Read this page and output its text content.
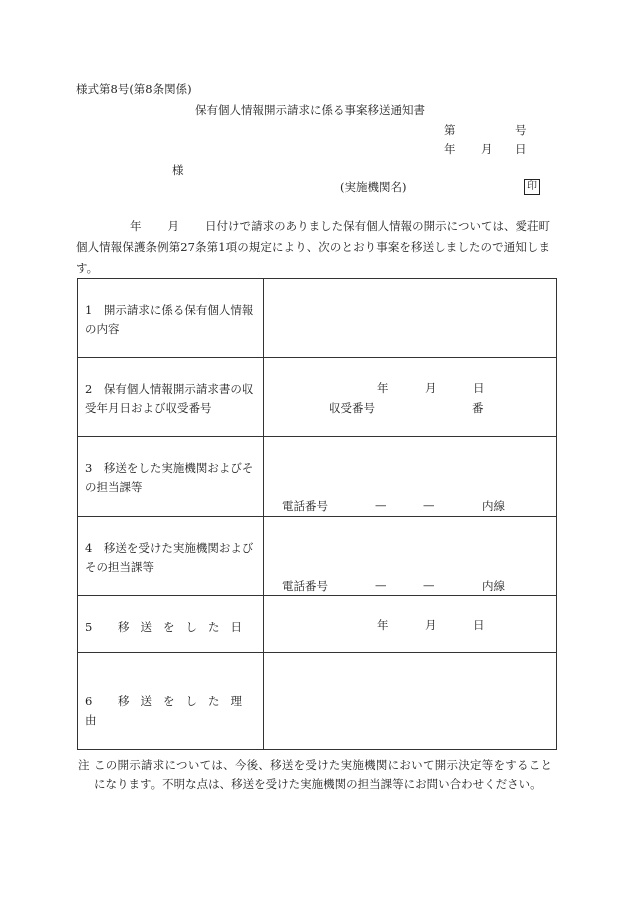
様式第8号(第8条関係)
保有個人情報開示請求に係る事案移送通知書
第	号
年 月 日
様
(実施機関名)	印
年 月 日付けで請求のありました保有個人情報の開示については、愛荘町個人情報保護条例第27条第1項の規定により、次のとおり事案を移送しましたので通知します。
1　開示請求に係る保有個人情報の内容	
2　保有個人情報開示請求書の収受年月日および収受番号	年 月 日
収受番号 番

3　移送をした実施機関およびその担当課等	電話番号 — — 内線

4　移送を受けた実施機関およびその担当課等	電話番号 — — 内線

5 移送をした日	年 月 日

6 移送をした理由	
注 この開示請求については、今後、移送を受けた実施機関において開示決定等をすることになります。不明な点は、移送を受けた実施機関の担当課等にお問い合わせください。
